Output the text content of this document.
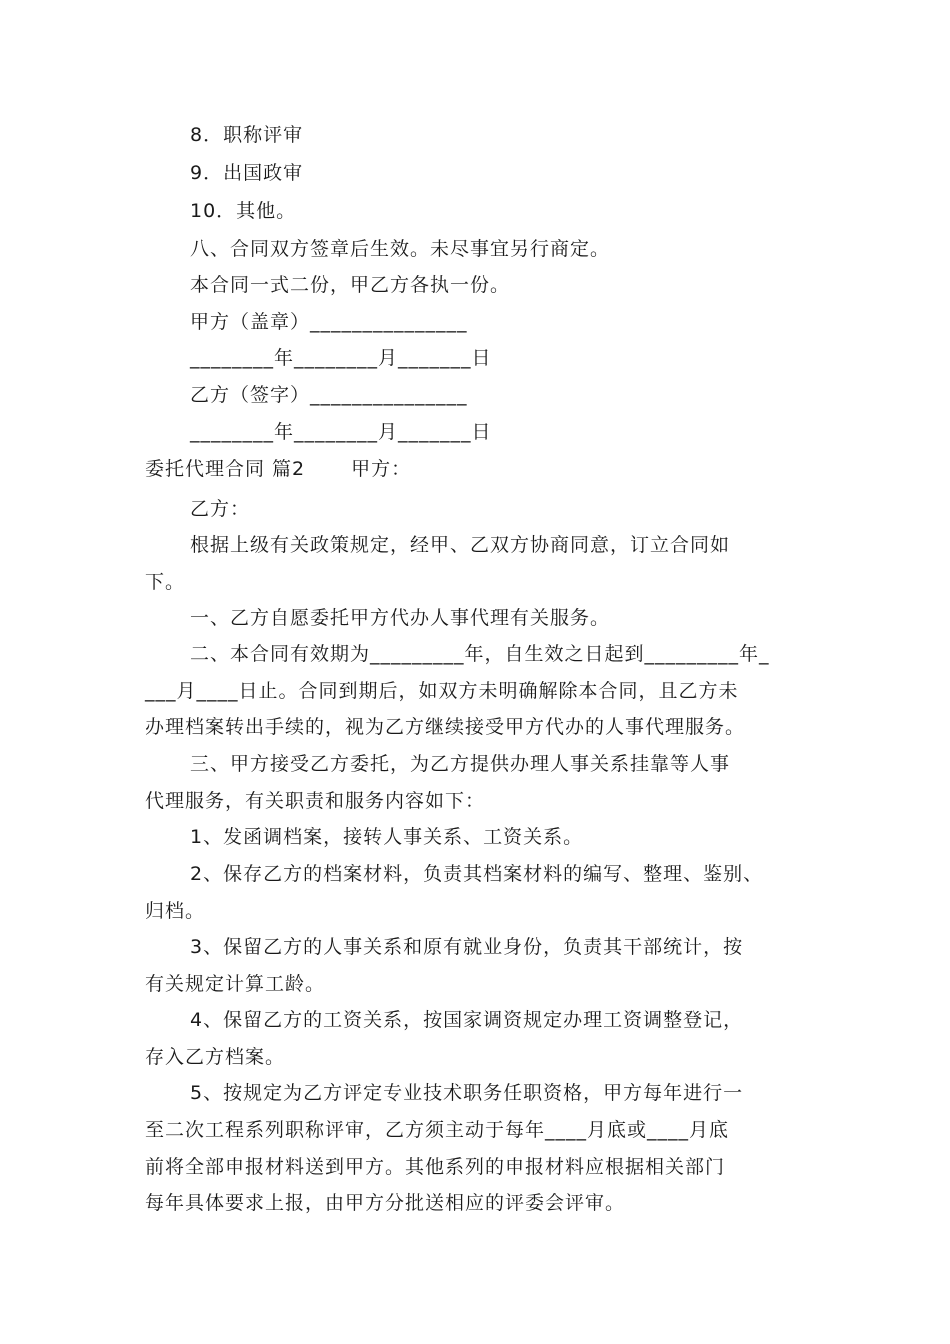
8．职称评审
9．出国政审
10．其他。
八、合同双方签章后生效。未尽事宜另行商定。
本合同一式二份，甲乙方各执一份。
甲方（盖章）_______________
________年________月_______日
乙方（签字）_______________
________年________月_______日
委托代理合同 篇2 甲方：
乙方：
根据上级有关政策规定，经甲、乙双方协商同意，订立合同如
下。
一、乙方自愿委托甲方代办人事代理有关服务。
二、本合同有效期为_________年，自生效之日起到_________年_
___月____日止。合同到期后，如双方未明确解除本合同，且乙方未
办理档案转出手续的，视为乙方继续接受甲方代办的人事代理服务。
三、甲方接受乙方委托，为乙方提供办理人事关系挂靠等人事
代理服务，有关职责和服务内容如下：
1、发函调档案，接转人事关系、工资关系。
2、保存乙方的档案材料，负责其档案材料的编写、整理、鉴别、
归档。
3、保留乙方的人事关系和原有就业身份，负责其干部统计，按
有关规定计算工龄。
4、保留乙方的工资关系，按国家调资规定办理工资调整登记，
存入乙方档案。
5、按规定为乙方评定专业技术职务任职资格，甲方每年进行一
至二次工程系列职称评审，乙方须主动于每年____月底或____月底
前将全部申报材料送到甲方。其他系列的申报材料应根据相关部门
每年具体要求上报，由甲方分批送相应的评委会评审。
